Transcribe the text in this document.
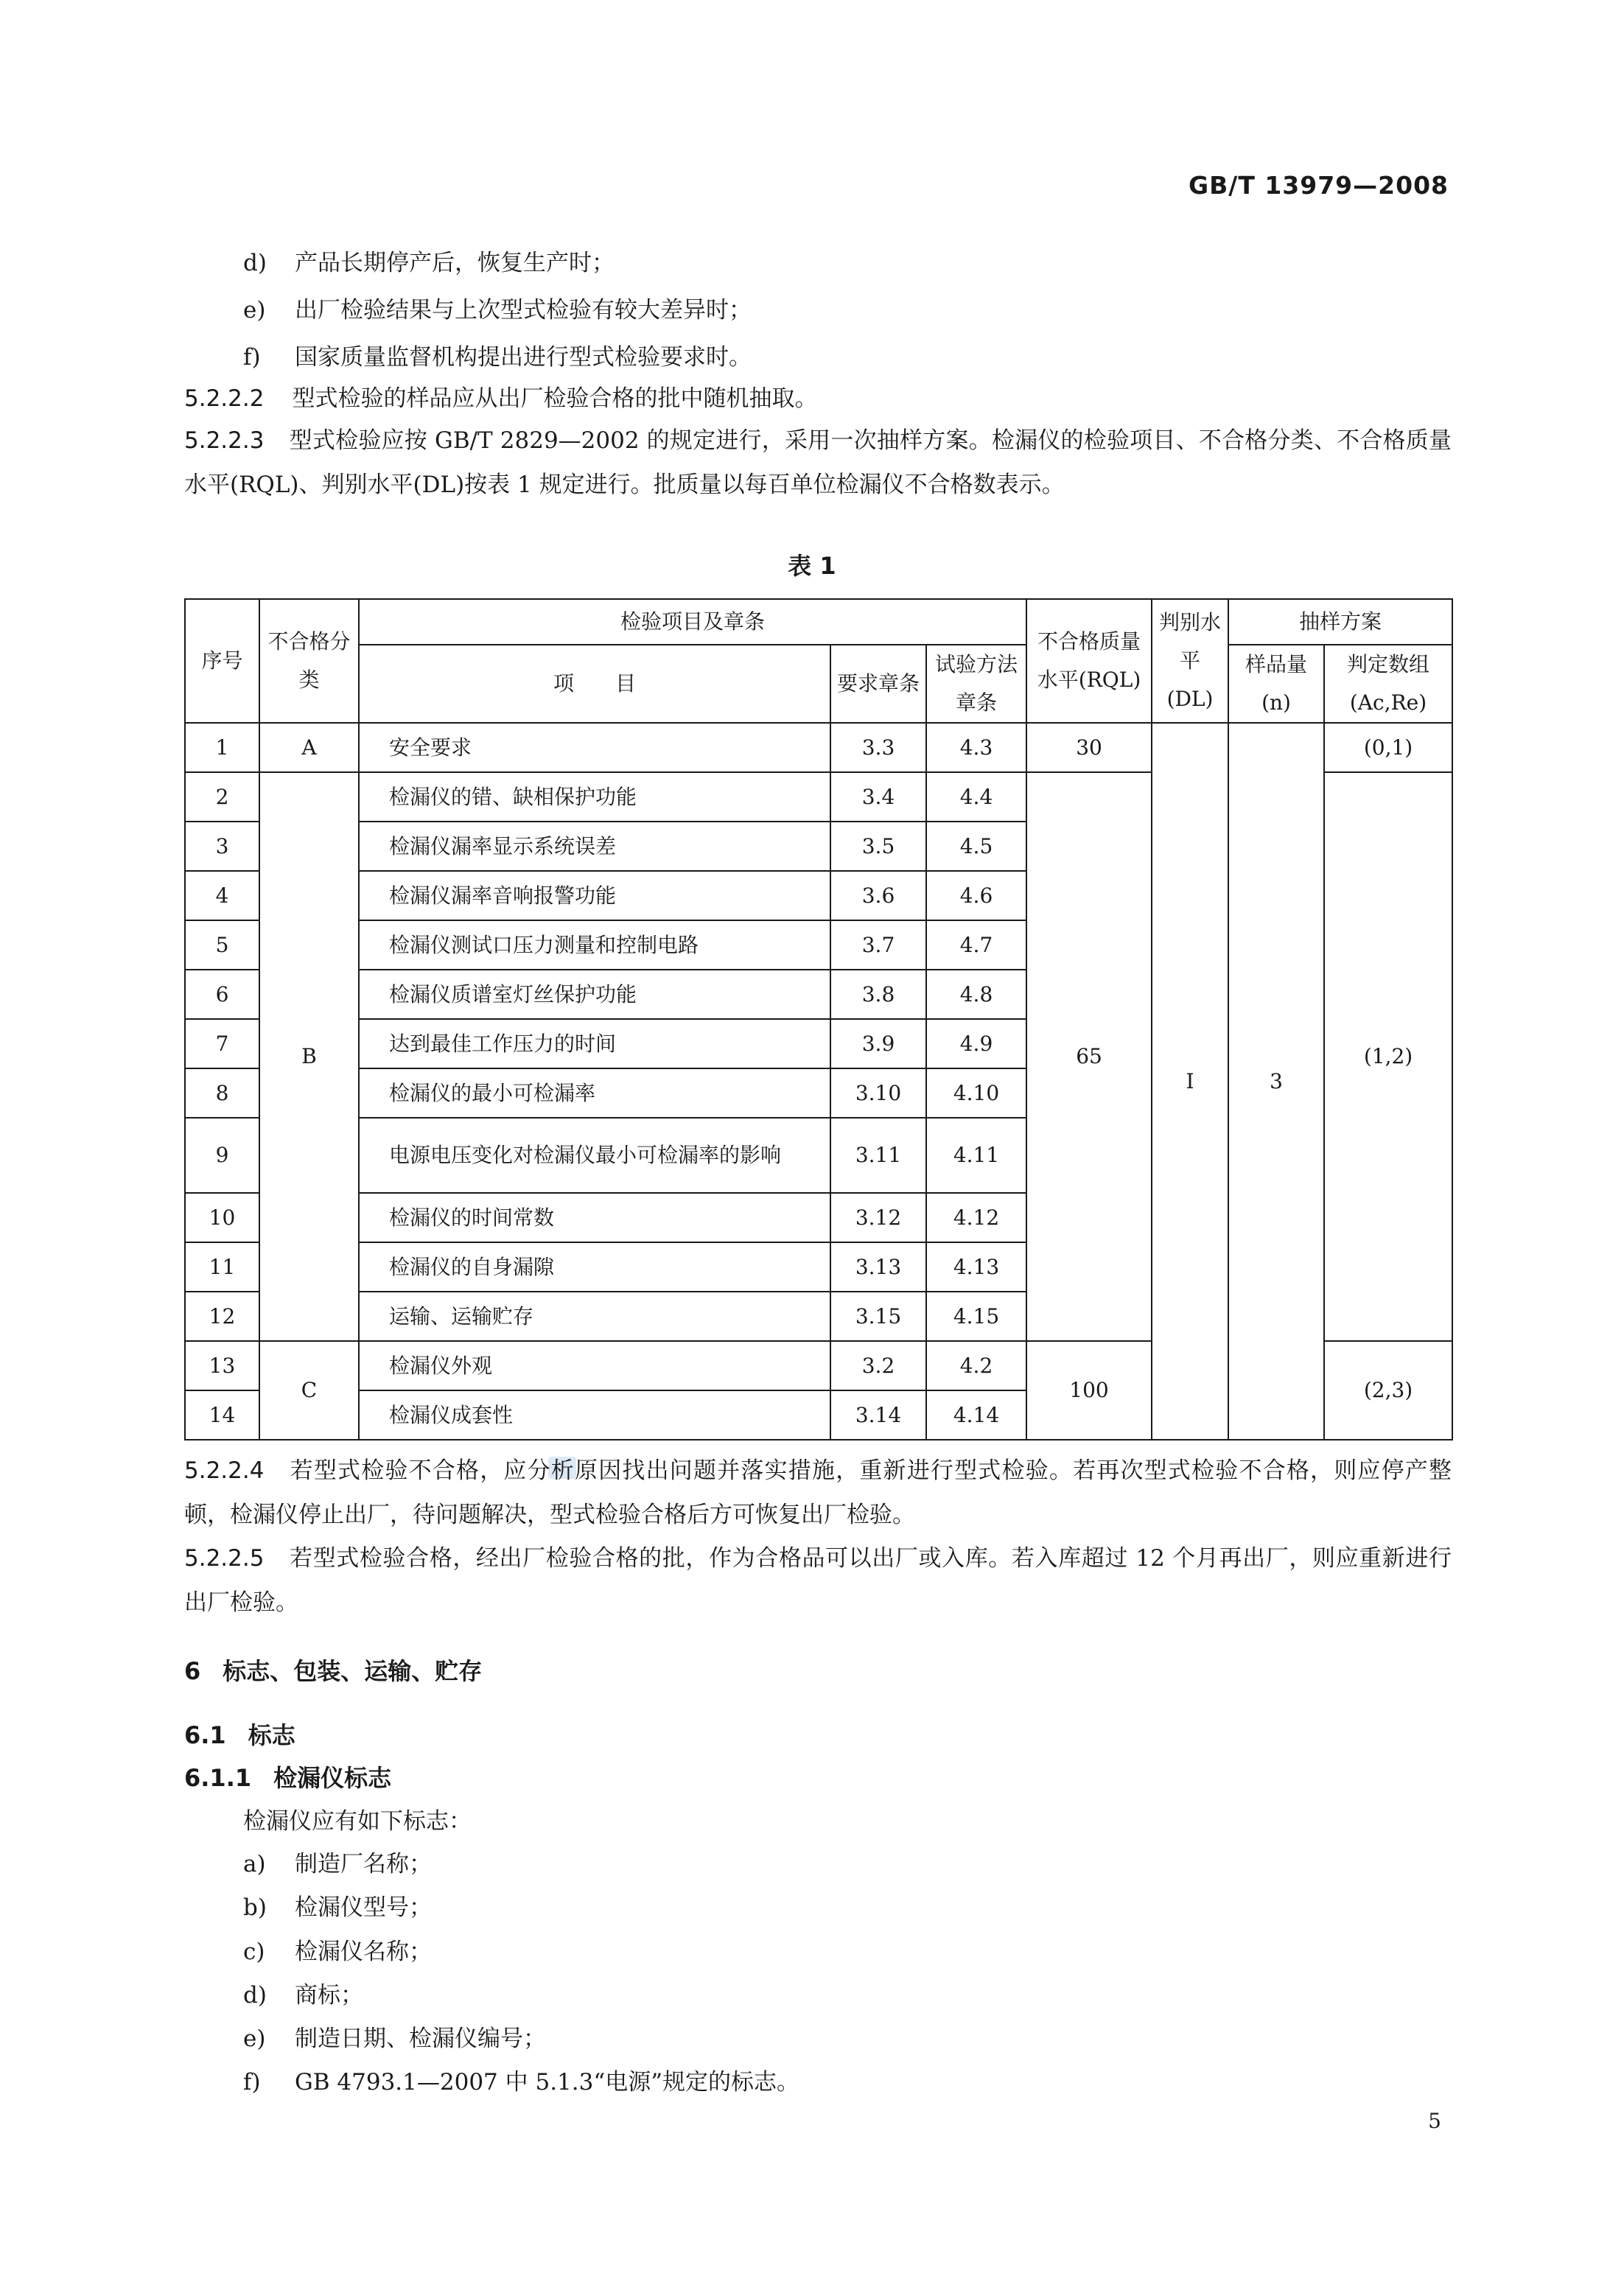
GB/T 13979—2008
d) 产品长期停产后，恢复生产时；
e) 出厂检验结果与上次型式检验有较大差异时；
f) 国家质量监督机构提出进行型式检验要求时。
5.2.2.2 型式检验的样品应从出厂检验合格的批中随机抽取。
5.2.2.3 型式检验应按 GB/T 2829—2002 的规定进行，采用一次抽样方案。检漏仪的检验项目、不合格分类、不合格质量水平(RQL)、判别水平(DL)按表 1 规定进行。批质量以每百单位检漏仪不合格数表示。
表 1
序号	不合格分类	检验项目及章条			不合格质量水平(RQL)	判别水平(DL)	抽样方案	
		项　　目	要求章条	试验方法章条			样品量(n)	判定数组(Ac,Re)
1	A	安全要求	3.3	4.3	30	Ⅰ	3	(0,1)
2	B	检漏仪的错、缺相保护功能	3.4	4.4	65			(1,2)
3		检漏仪漏率显示系统误差	3.5	4.5				
4		检漏仪漏率音响报警功能	3.6	4.6				
5		检漏仪测试口压力测量和控制电路	3.7	4.7				
6		检漏仪质谱室灯丝保护功能	3.8	4.8				
7		达到最佳工作压力的时间	3.9	4.9				
8		检漏仪的最小可检漏率	3.10	4.10				
9		电源电压变化对检漏仪最小可检漏率的影响	3.11	4.11				
10		检漏仪的时间常数	3.12	4.12				
11		检漏仪的自身漏隙	3.13	4.13				
12		运输、运输贮存	3.15	4.15				
13	C	检漏仪外观	3.2	4.2	100			(2,3)
14		检漏仪成套性	3.14	4.14				
5.2.2.4 若型式检验不合格，应分析原因找出问题并落实措施，重新进行型式检验。若再次型式检验不合格，则应停产整顿，检漏仪停止出厂，待问题解决，型式检验合格后方可恢复出厂检验。
5.2.2.5 若型式检验合格，经出厂检验合格的批，作为合格品可以出厂或入库。若入库超过 12 个月再出厂，则应重新进行出厂检验。
6 标志、包装、运输、贮存
6.1 标志
6.1.1 检漏仪标志
检漏仪应有如下标志：
a) 制造厂名称；
b) 检漏仪型号；
c) 检漏仪名称；
d) 商标；
e) 制造日期、检漏仪编号；
f) GB 4793.1—2007 中 5.1.3“电源”规定的标志。
5
